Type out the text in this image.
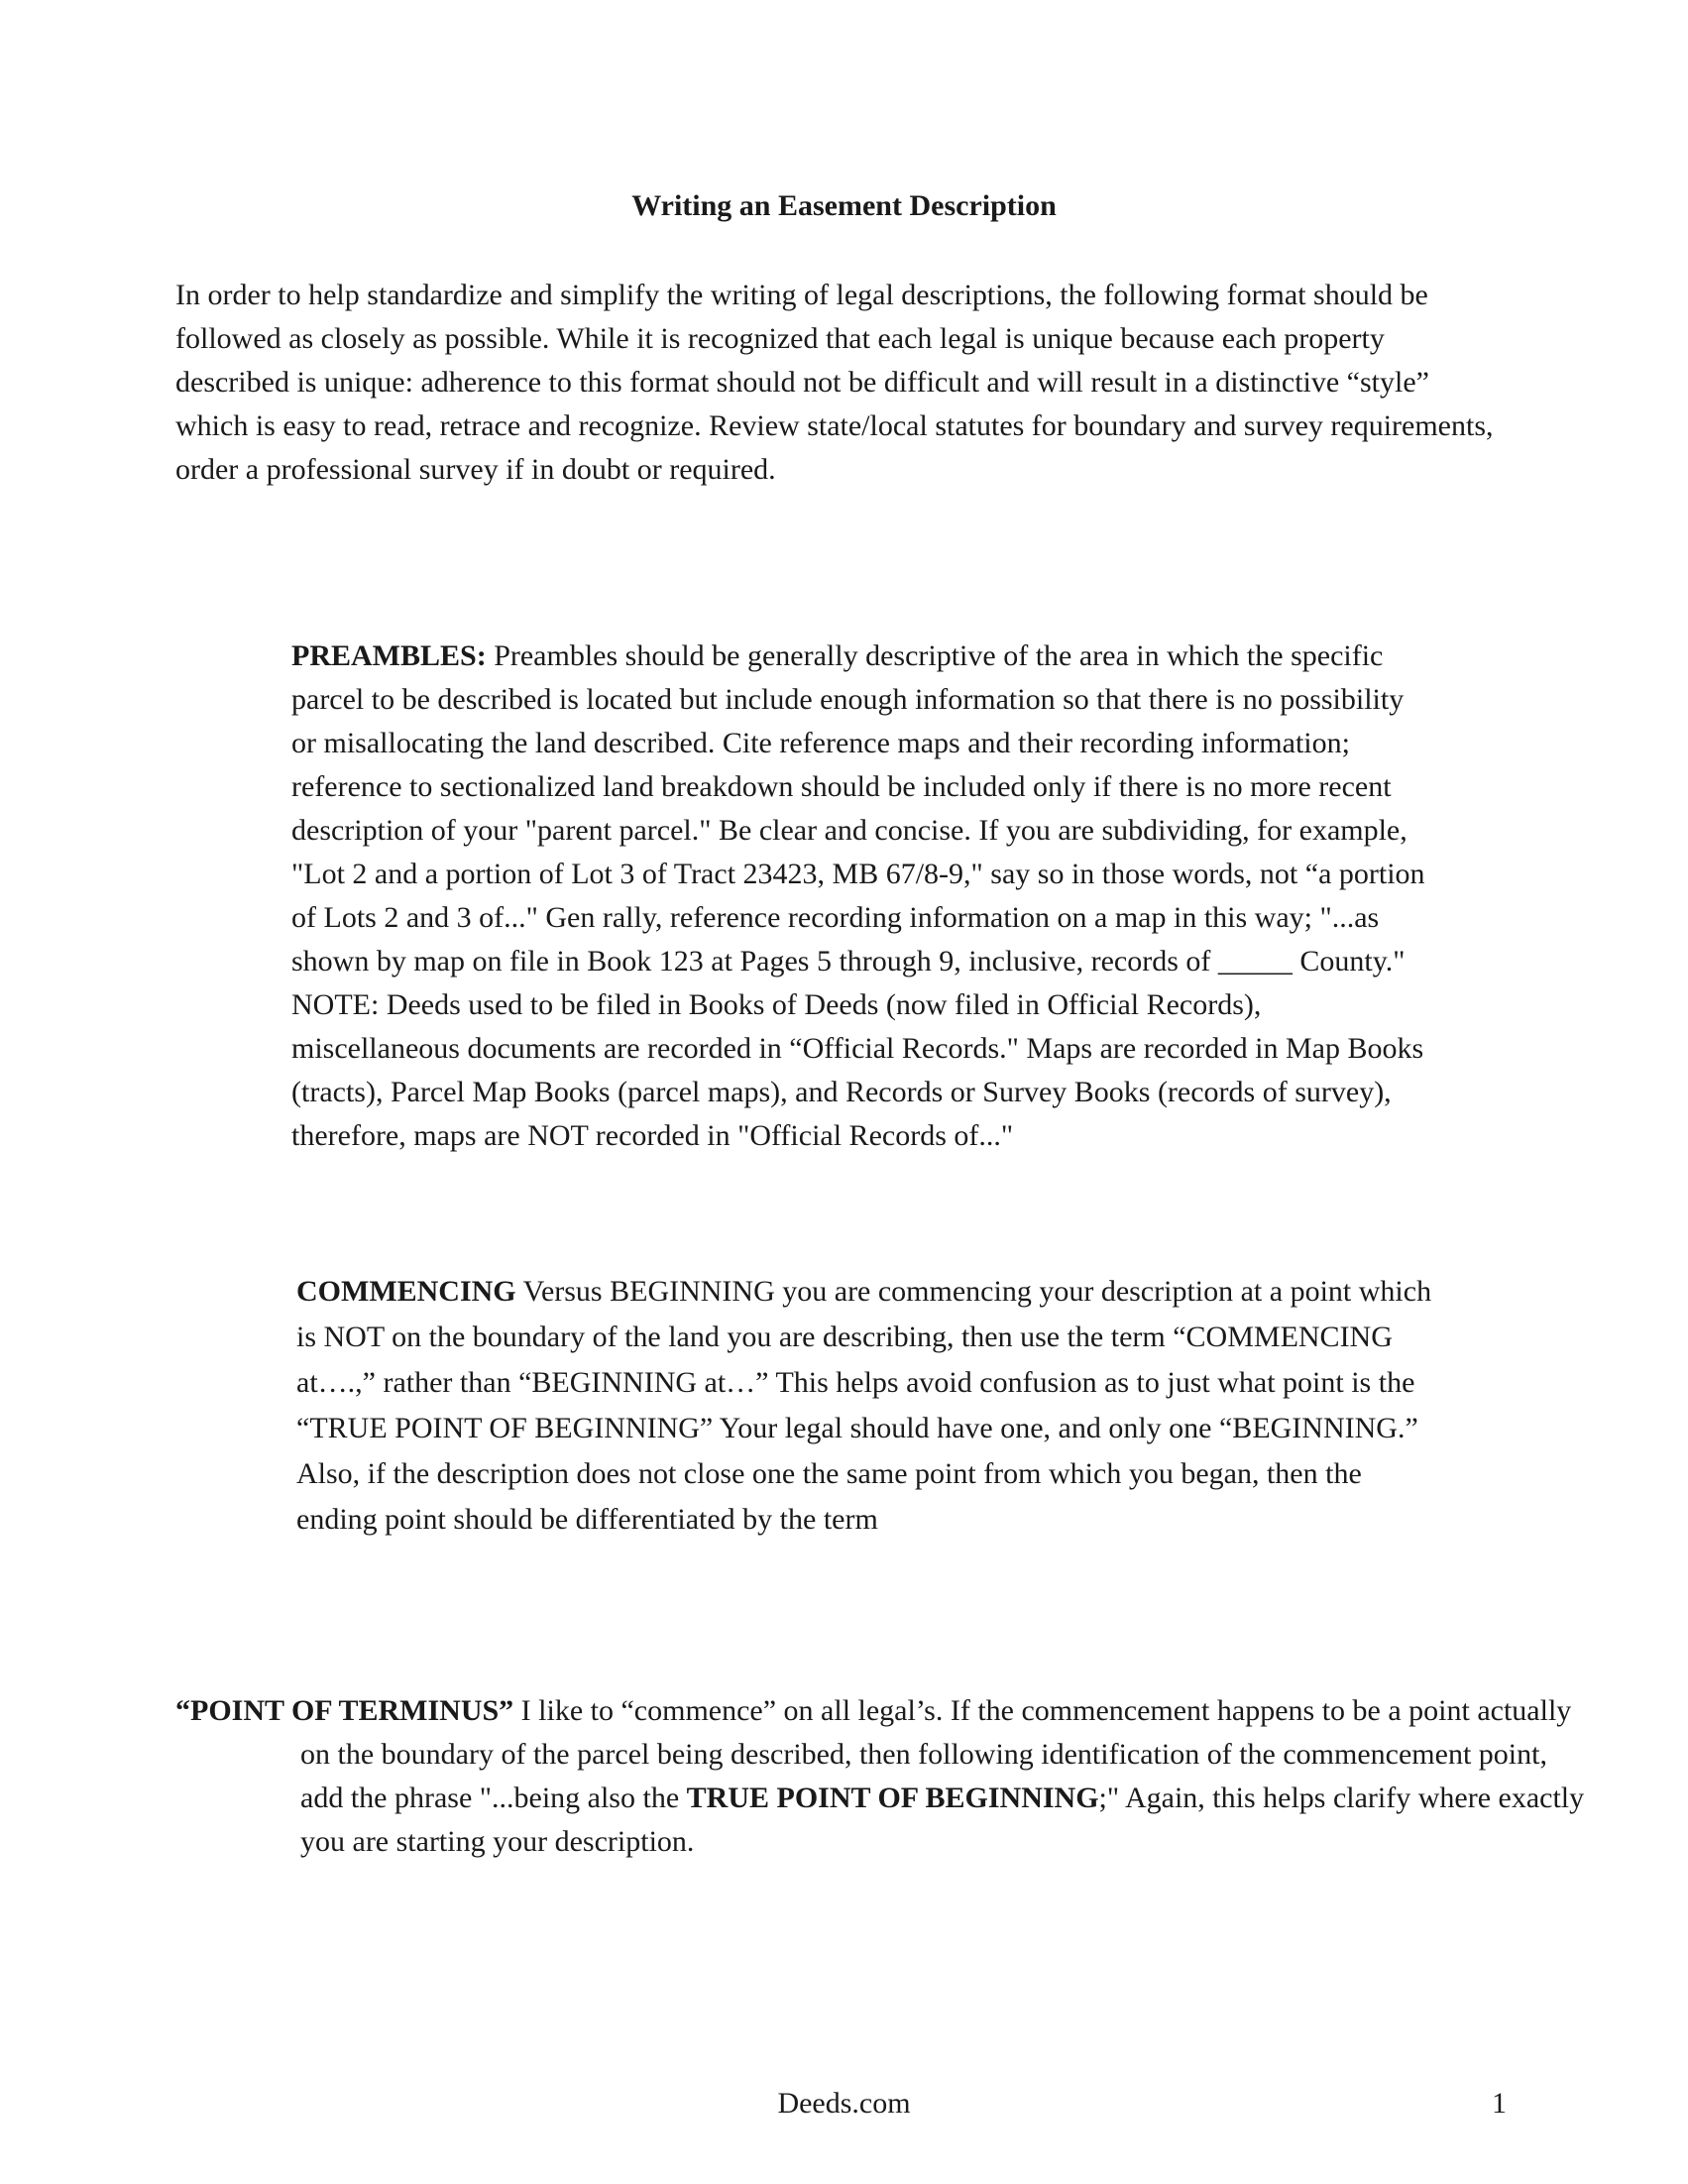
Writing an Easement Description

In order to help standardize and simplify the writing of legal descriptions, the following format should be followed as closely as possible. While it is recognized that each legal is unique because each property described is unique: adherence to this format should not be difficult and will result in a distinctive “style” which is easy to read, retrace and recognize. Review state/local statutes for boundary and survey requirements, order a professional survey if in doubt or required.

PREAMBLES: Preambles should be generally descriptive of the area in which the specific parcel to be described is located but include enough information so that there is no possibility or misallocating the land described. Cite reference maps and their recording information; reference to sectionalized land breakdown should be included only if there is no more recent description of your "parent parcel." Be clear and concise. If you are subdividing, for example, "Lot 2 and a portion of Lot 3 of Tract 23423, MB 67/8-9," say so in those words, not “a portion of Lots 2 and 3 of..." Gen rally, reference recording information on a map in this way; "...as shown by map on file in Book 123 at Pages 5 through 9, inclusive, records of _____ County." NOTE: Deeds used to be filed in Books of Deeds (now filed in Official Records), miscellaneous documents are recorded in “Official Records." Maps are recorded in Map Books (tracts), Parcel Map Books (parcel maps), and Records or Survey Books (records of survey), therefore, maps are NOT recorded in "Official Records of..."

COMMENCING Versus BEGINNING you are commencing your description at a point which is NOT on the boundary of the land you are describing, then use the term “COMMENCING at….,” rather than “BEGINNING at…” This helps avoid confusion as to just what point is the “TRUE POINT OF BEGINNING” Your legal should have one, and only one “BEGINNING.” Also, if the description does not close one the same point from which you began, then the ending point should be differentiated by the term

“POINT OF TERMINUS” I like to “commence” on all legal’s. If the commencement happens to be a point actually on the boundary of the parcel being described, then following identification of the commencement point, add the phrase "...being also the TRUE POINT OF BEGINNING;" Again, this helps clarify where exactly you are starting your description.

Deeds.com	1
